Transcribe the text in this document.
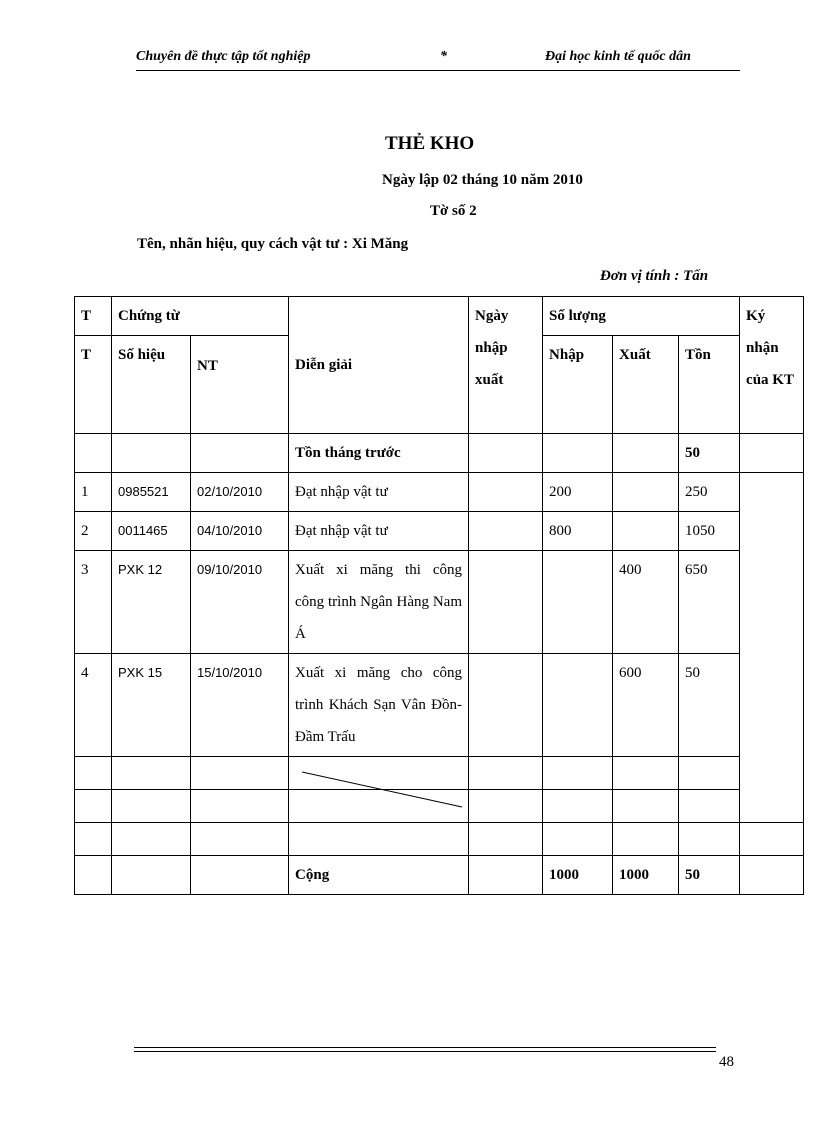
Chuyên đề thực tập tốt nghiệp	*	Đại học kinh tế quốc dân
THẺ KHO
Ngày lập 02 tháng 10 năm 2010
Tờ số 2
Tên, nhãn hiệu, quy cách vật tư : Xi Măng
Đơn vị tính : Tấn
T	Chứng từ		Diễn giải	Ngày nhập xuất	Số lượng			Ký nhận của KT
T	Số hiệu	NT			Nhập	Xuất	Tồn	
			Tồn tháng trước				50	
1	0985521	02/10/2010	Đạt nhập vật tư		200		250	
2	0011465	04/10/2010	Đạt nhập vật tư		800		1050	
3	PXK 12	09/10/2010	Xuất xi măng thi công công trình Ngân Hàng Nam Á			400	650	
4	PXK 15	15/10/2010	Xuất xi măng cho công trình Khách Sạn Vân Đồn- Đầm Trấu			600	50	

			Cộng		1000	1000	50	
48
